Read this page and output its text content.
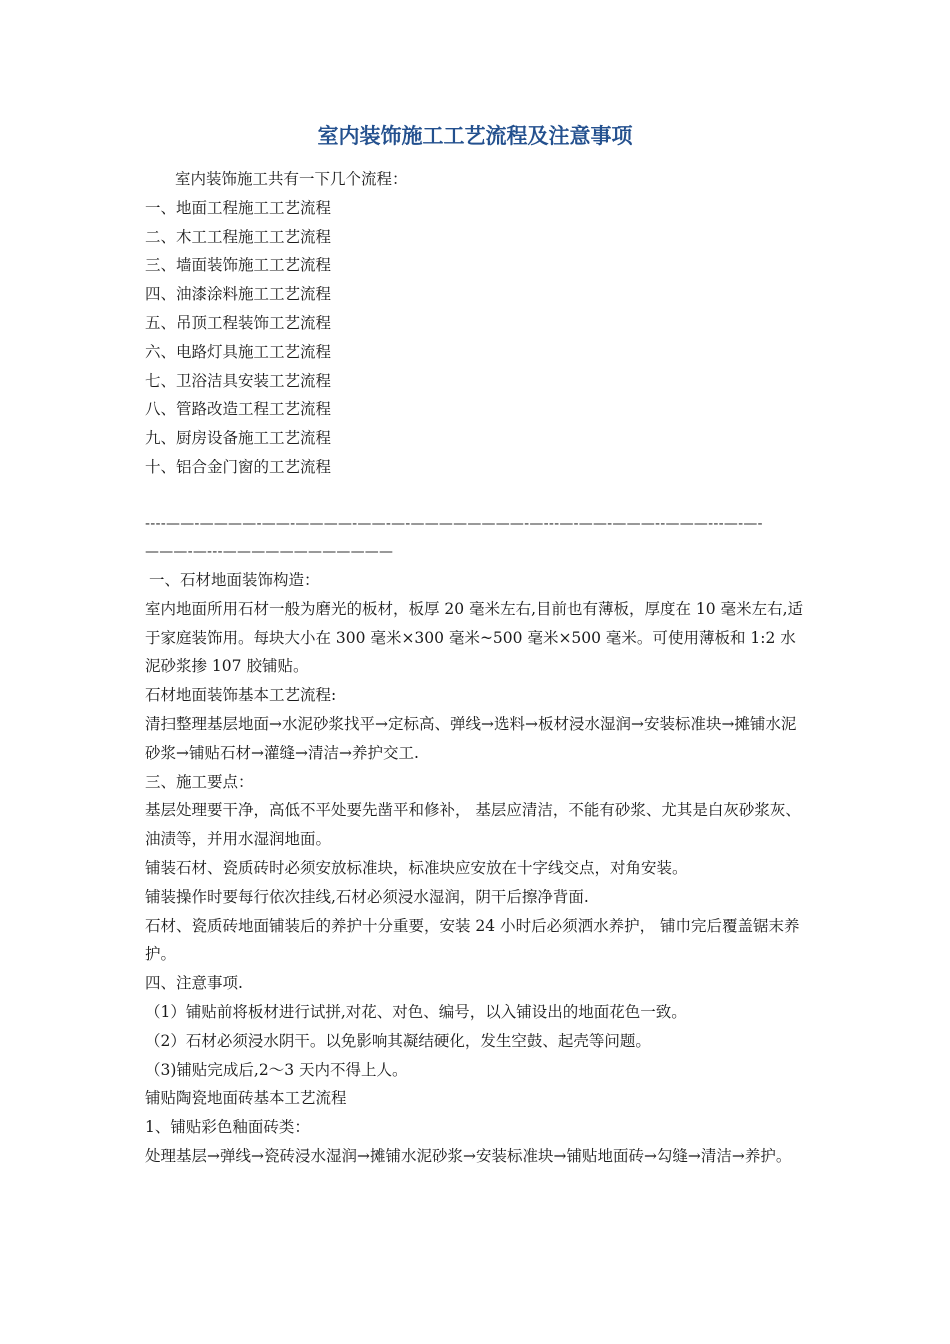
室内装饰施工工艺流程及注意事项
室内装饰施工共有一下几个流程：
一、地面工程施工工艺流程
二、木工工程施工工艺流程
三、墙面装饰施工工艺流程
四、油漆涂料施工工艺流程
五、吊顶工程装饰工艺流程
六、电路灯具施工工艺流程
七、卫浴洁具安装工艺流程
八、管路改造工程工艺流程
九、厨房设备施工工艺流程
十、铝合金门窗的工艺流程
----——-————-——-————-——-—-————————-—---—-——-———--———---—-—-———-—---————————————

一、石材地面装饰构造：

室内地面所用石材一般为磨光的板材，板厚 20 毫米左右,目前也有薄板，厚度在 10 毫米左右,适于家庭装饰用。每块大小在 300 毫米×300 毫米~500 毫米×500 毫米。可使用薄板和 1:2 水泥砂浆掺 107 胶铺贴。

石材地面装饰基本工艺流程:

清扫整理基层地面→水泥砂浆找平→定标高、弹线→选料→板材浸水湿润→安装标准块→摊铺水泥砂浆→铺贴石材→灌缝→清洁→养护交工.

三、施工要点：

基层处理要干净，高低不平处要先凿平和修补， 基层应清洁，不能有砂浆、尤其是白灰砂浆灰、油渍等，并用水湿润地面。

铺装石材、瓷质砖时必须安放标准块，标准块应安放在十字线交点，对角安装。

铺装操作时要每行依次挂线,石材必须浸水湿润，阴干后擦净背面.

石材、瓷质砖地面铺装后的养护十分重要，安装 24 小时后必须洒水养护， 铺巾完后覆盖锯末养护。

四、注意事项.

（1）铺贴前将板材进行试拼,对花、对色、编号，以入铺设出的地面花色一致。

（2）石材必须浸水阴干。以免影响其凝结硬化，发生空鼓、起壳等问题。

（3)铺贴完成后,2～3 天内不得上人。

铺贴陶瓷地面砖基本工艺流程

1、铺贴彩色釉面砖类：

处理基层→弹线→瓷砖浸水湿润→摊铺水泥砂浆→安装标准块→铺贴地面砖→勾缝→清洁→养护。
